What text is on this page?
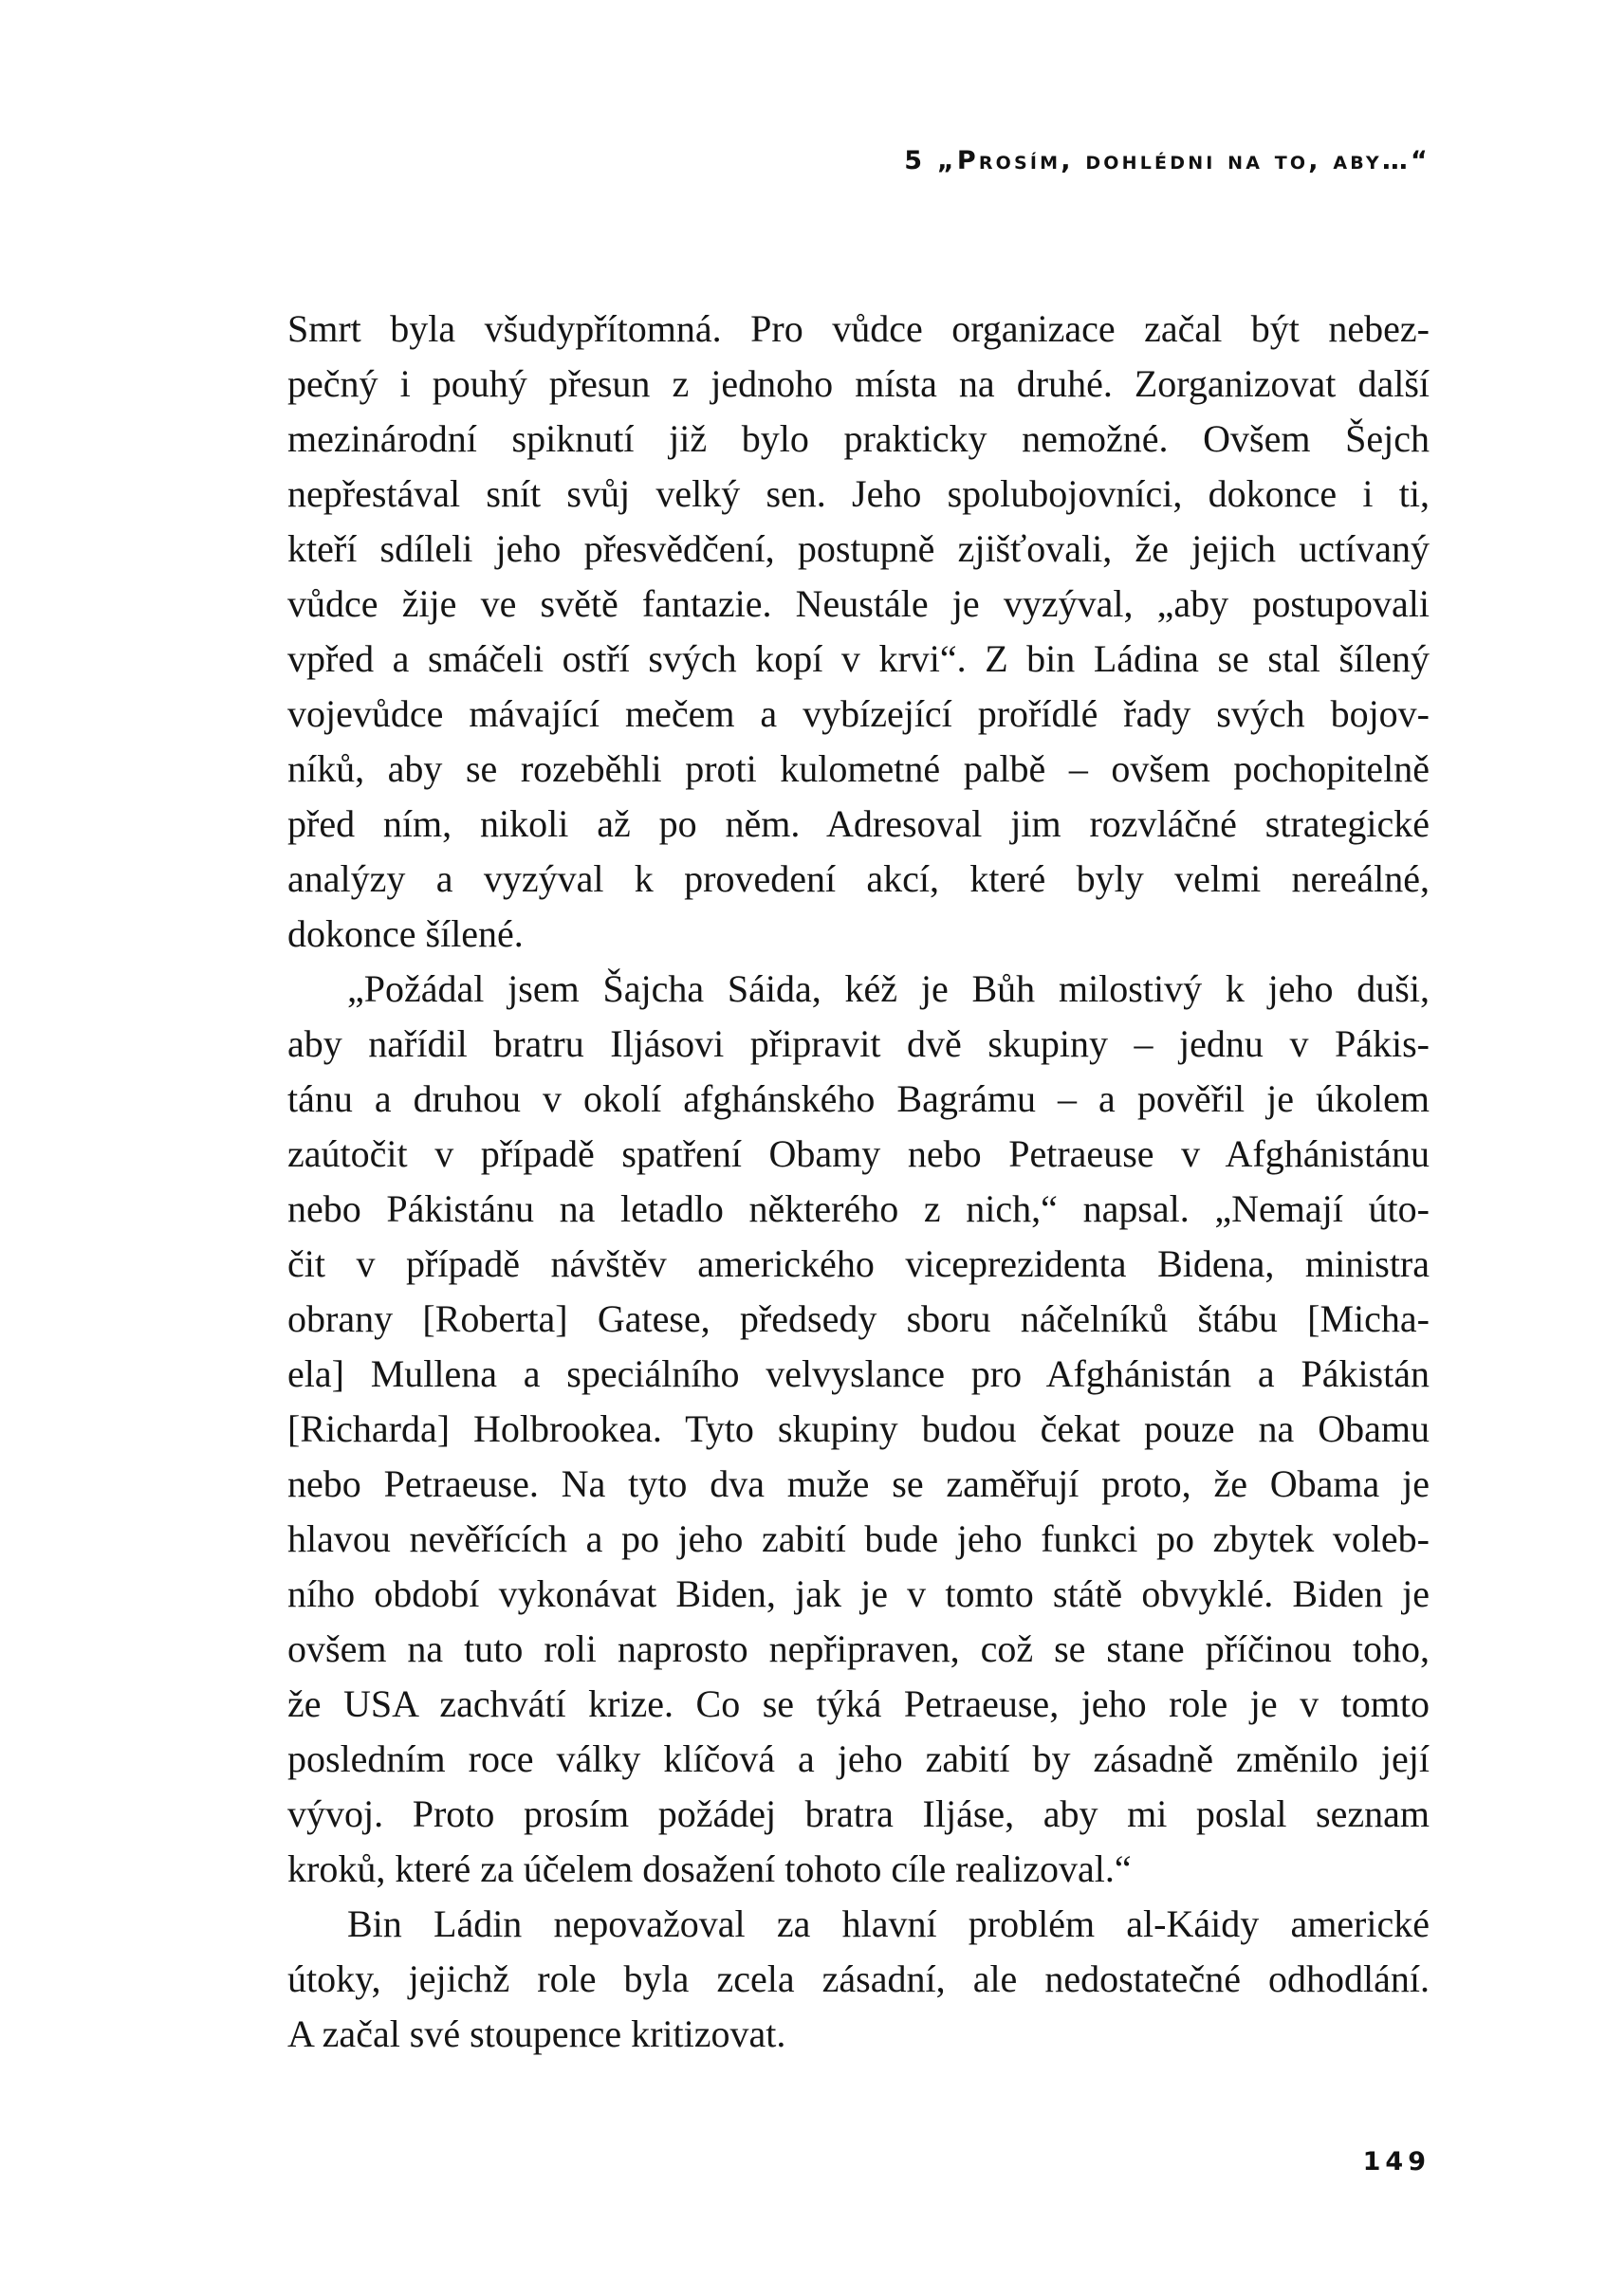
5 „Prosím, dohlédni na to, aby…“
Smrt byla všudypřítomná. Pro vůdce organizace začal být nebez-
pečný i pouhý přesun z jednoho místa na druhé. Zorganizovat další
mezinárodní spiknutí již bylo prakticky nemožné. Ovšem Šejch
nepřestával snít svůj velký sen. Jeho spolubojovníci, dokonce i ti,
kteří sdíleli jeho přesvědčení, postupně zjišťovali, že jejich uctívaný
vůdce žije ve světě fantazie. Neustále je vyzýval, „aby postupovali
vpřed a smáčeli ostří svých kopí v krvi“. Z bin Ládina se stal šílený
vojevůdce mávající mečem a vybízející prořídlé řady svých bojov-
níků, aby se rozeběhli proti kulometné palbě – ovšem pochopitelně
před ním, nikoli až po něm. Adresoval jim rozvláčné strategické
analýzy a vyzýval k provedení akcí, které byly velmi nereálné,
dokonce šílené.
„Požádal jsem Šajcha Sáida, kéž je Bůh milostivý k jeho duši,
aby nařídil bratru Iljásovi připravit dvě skupiny – jednu v Pákis-
tánu a druhou v okolí afghánského Bagrámu – a pověřil je úkolem
zaútočit v případě spatření Obamy nebo Petraeuse v Afghánistánu
nebo Pákistánu na letadlo některého z nich,“ napsal. „Nemají úto-
čit v případě návštěv amerického viceprezidenta Bidena, ministra
obrany [Roberta] Gatese, předsedy sboru náčelníků štábu [Micha-
ela] Mullena a speciálního velvyslance pro Afghánistán a Pákistán
[Richarda] Holbrookea. Tyto skupiny budou čekat pouze na Obamu
nebo Petraeuse. Na tyto dva muže se zaměřují proto, že Obama je
hlavou nevěřících a po jeho zabití bude jeho funkci po zbytek voleb-
ního období vykonávat Biden, jak je v tomto státě obvyklé. Biden je
ovšem na tuto roli naprosto nepřipraven, což se stane příčinou toho,
že USA zachvátí krize. Co se týká Petraeuse, jeho role je v tomto
posledním roce války klíčová a jeho zabití by zásadně změnilo její
vývoj. Proto prosím požádej bratra Iljáse, aby mi poslal seznam
kroků, které za účelem dosažení tohoto cíle realizoval.“
Bin Ládin nepovažoval za hlavní problém al-Káidy americké
útoky, jejichž role byla zcela zásadní, ale nedostatečné odhodlání.
A začal své stoupence kritizovat.
149
